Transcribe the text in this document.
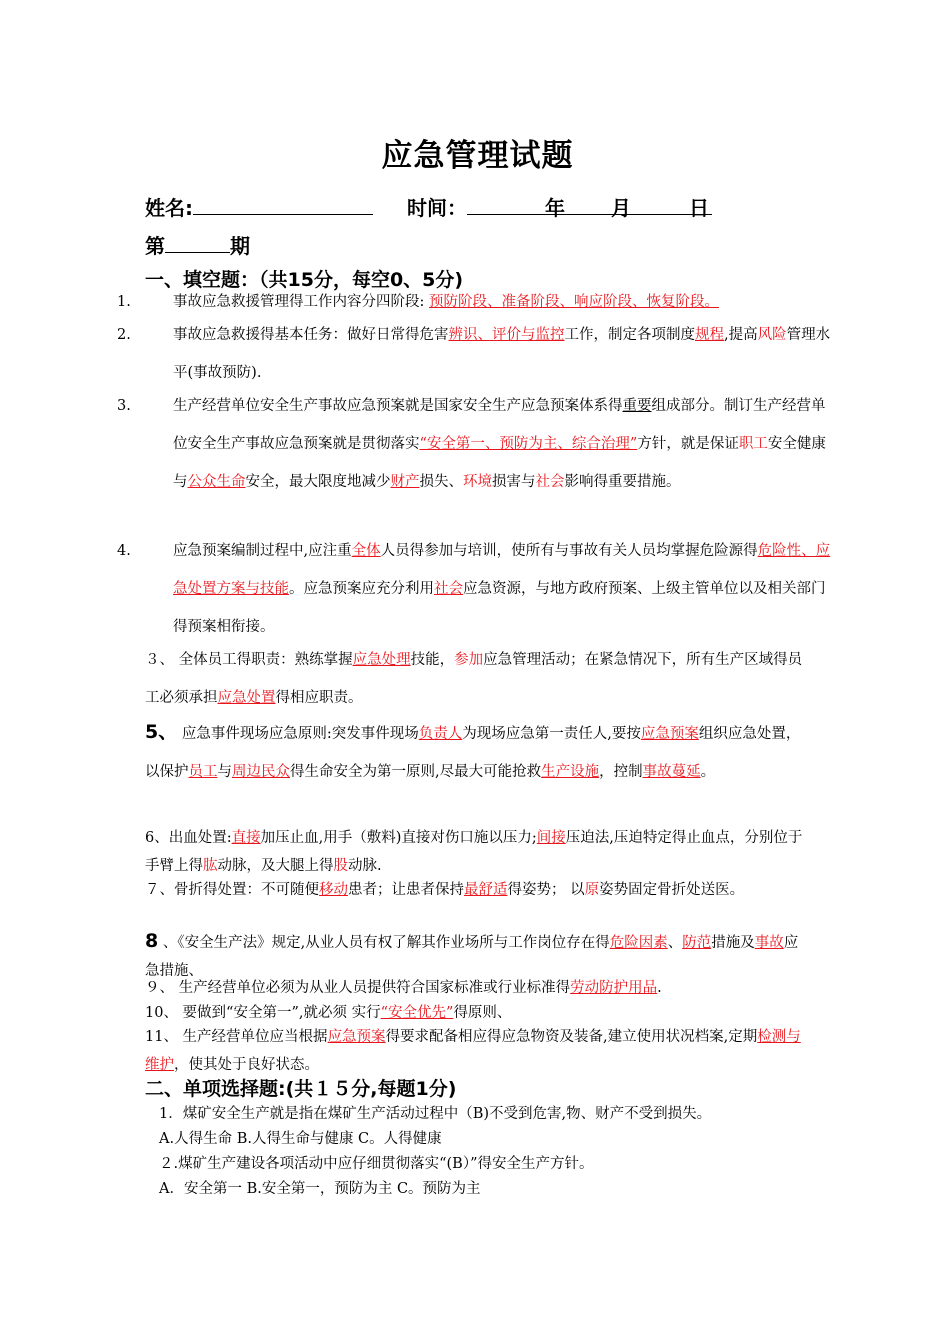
应急管理试题
姓名:	时间：	年 月	日
第	期
一、填空题：（共15分，每空0、5分)
1.	事故应急救援管理得工作内容分四阶段: 预防阶段、准备阶段、响应阶段、恢复阶段。
2.	事故应急救援得基本任务：做好日常得危害辨识、评价与监控工作，制定各项制度规程,提高风险管理水平(事故预防).
3.	生产经营单位安全生产事故应急预案就是国家安全生产应急预案体系得重要组成部分。制订生产经营单位安全生产事故应急预案就是贯彻落实“安全第一、预防为主、综合治理”方针，就是保证职工安全健康与公众生命安全，最大限度地减少财产损失、环境损害与社会影响得重要措施。
4.	应急预案编制过程中,应注重全体人员得参加与培训，使所有与事故有关人员均掌握危险源得危险性、应急处置方案与技能。应急预案应充分利用社会应急资源，与地方政府预案、上级主管单位以及相关部门得预案相衔接。
３、 全体员工得职责：熟练掌握应急处理技能，参加应急管理活动；在紧急情况下，所有生产区域得员工必须承担应急处置得相应职责。
5、 应急事件现场应急原则:突发事件现场负责人为现场应急第一责任人,要按应急预案组织应急处置，以保护员工与周边民众得生命安全为第一原则,尽最大可能抢救生产设施，控制事故蔓延。
6、出血处置:直接加压止血,用手（敷料)直接对伤口施以压力;间接压迫法,压迫特定得止血点，分别位于手臂上得肱动脉，及大腿上得股动脉.
７、骨折得处置：不可随便移动患者；让患者保持最舒适得姿势； 以原姿势固定骨折处送医。
8 、《安全生产法》规定,从业人员有权了解其作业场所与工作岗位存在得危险因素、防范措施及事故应急措施、
９、 生产经营单位必须为从业人员提供符合国家标准或行业标准得劳动防护用品.
10、 要做到“安全第一”,就必须 实行“安全优先”得原则、
11、 生产经营单位应当根据应急预案得要求配备相应得应急物资及装备,建立使用状况档案,定期检测与维护，使其处于良好状态。
二、单项选择题:(共１５分,每题1分)
1．煤矿安全生产就是指在煤矿生产活动过程中（B)不受到危害,物、财产不受到损失。
A.人得生命 B.人得生命与健康 C。人得健康
２.煤矿生产建设各项活动中应仔细贯彻落实“(B）”得安全生产方针。
A．安全第一 B.安全第一，预防为主 C。预防为主
